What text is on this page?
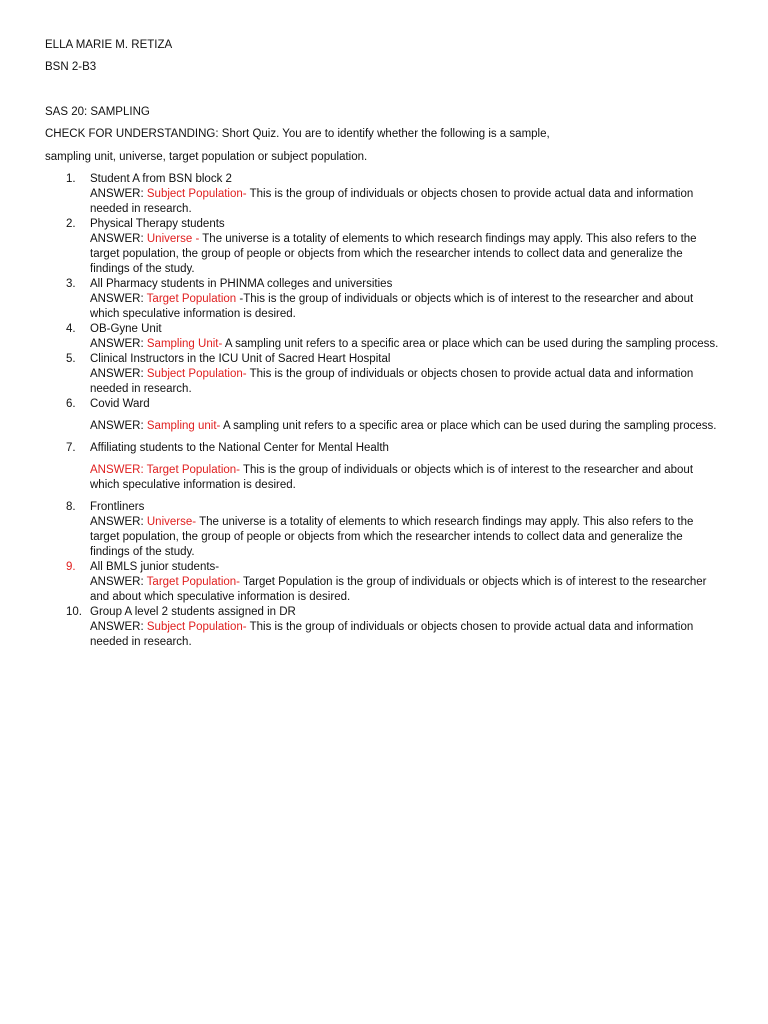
ELLA MARIE M. RETIZA

BSN 2-B3

SAS 20: SAMPLING

CHECK FOR UNDERSTANDING: Short Quiz. You are to identify whether the following is a sample,

sampling unit, universe, target population or subject population.

1.	Student A from BSN block 2
ANSWER: Subject Population- This is the group of individuals or objects chosen to provide actual data and information needed in research.
2.	Physical Therapy students
ANSWER: Universe - The universe is a totality of elements to which research findings may apply. This also refers to the target population, the group of people or objects from which the researcher intends to collect data and generalize the findings of the study.
3.	All Pharmacy students in PHINMA colleges and universities
ANSWER: Target Population -This is the group of individuals or objects which is of interest to the researcher and about which speculative information is desired.
4.	OB-Gyne Unit
ANSWER: Sampling Unit- A sampling unit refers to a specific area or place which can be used during the sampling process.
5.	Clinical Instructors in the ICU Unit of Sacred Heart Hospital
ANSWER: Subject Population- This is the group of individuals or objects chosen to provide actual data and information needed in research.
6.	Covid Ward
ANSWER: Sampling unit- A sampling unit refers to a specific area or place which can be used during the sampling process.
7.	Affiliating students to the National Center for Mental Health
ANSWER: Target Population- This is the group of individuals or objects which is of interest to the researcher and about which speculative information is desired.
8.	Frontliners
ANSWER: Universe- The universe is a totality of elements to which research findings may apply. This also refers to the target population, the group of people or objects from which the researcher intends to collect data and generalize the findings of the study.
9.	All BMLS junior students-
ANSWER: Target Population- Target Population is the group of individuals or objects which is of interest to the researcher and about which speculative information is desired.
10. Group A level 2 students assigned in DR
ANSWER: Subject Population- This is the group of individuals or objects chosen to provide actual data and information needed in research.
